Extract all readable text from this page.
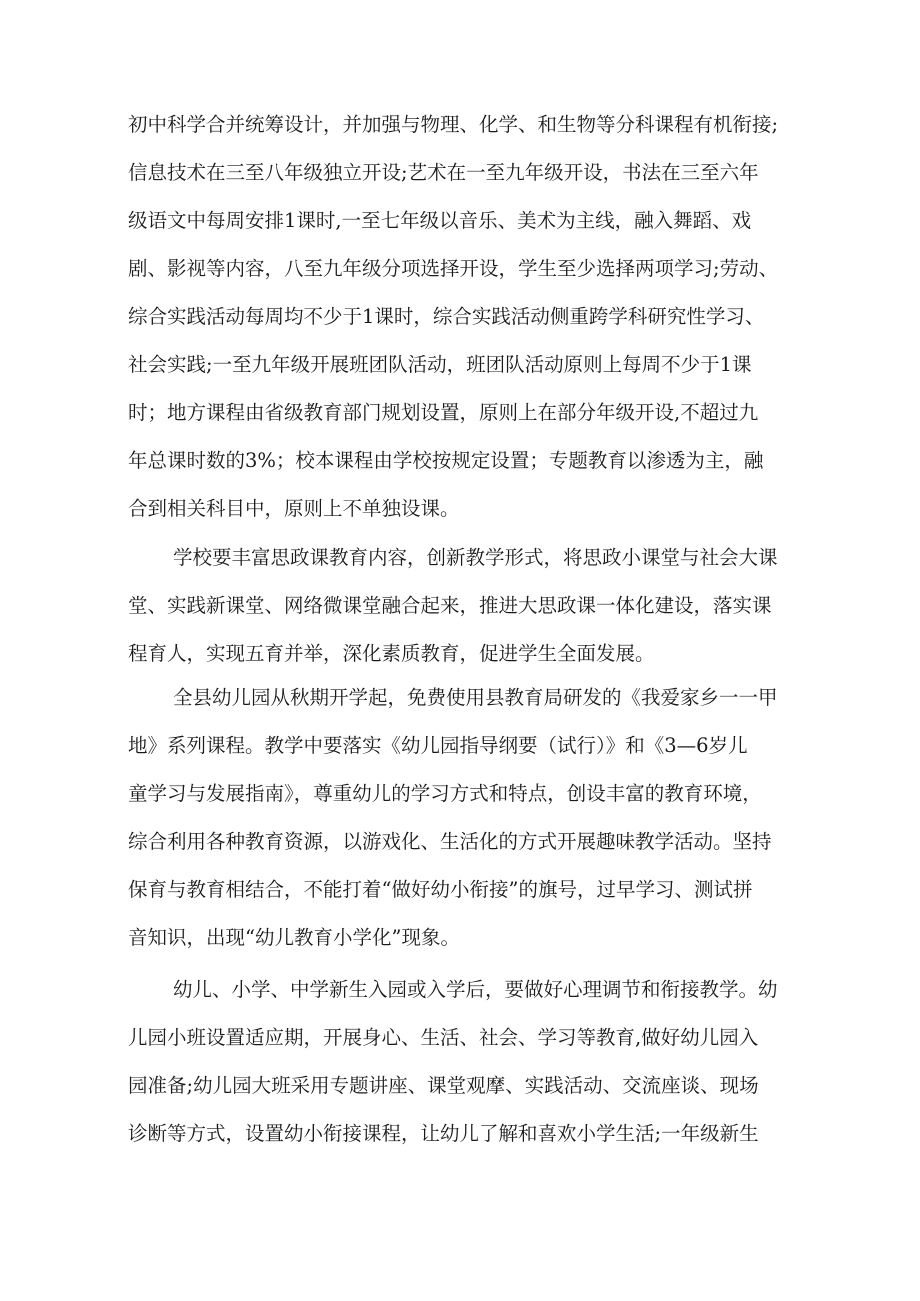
初中科学合并统筹设计，并加强与物理、化学、和生物等分科课程有机衔接;
信息技术在三至八年级独立开设;艺术在一至九年级开设，书法在三至六年
级语文中每周安排1课时,一至七年级以音乐、美术为主线，融入舞蹈、戏
剧、影视等内容，八至九年级分项选择开设，学生至少选择两项学习;劳动、
综合实践活动每周均不少于1课时，综合实践活动侧重跨学科研究性学习、
社会实践;一至九年级开展班团队活动，班团队活动原则上每周不少于1课
时；地方课程由省级教育部门规划设置，原则上在部分年级开设,不超过九
年总课时数的3%；校本课程由学校按规定设置；专题教育以渗透为主，融
合到相关科目中，原则上不单独设课。
学校要丰富思政课教育内容，创新教学形式，将思政小课堂与社会大课
堂、实践新课堂、网络微课堂融合起来，推进大思政课一体化建设，落实课
程育人，实现五育并举，深化素质教育，促进学生全面发展。
全县幼儿园从秋期开学起，免费使用县教育局研发的《我爱家乡一一甲
地》系列课程。教学中要落实《幼儿园指导纲要（试行）》和《3—6岁儿
童学习与发展指南》，尊重幼儿的学习方式和特点，创设丰富的教育环境，
综合利用各种教育资源，以游戏化、生活化的方式开展趣味教学活动。坚持
保育与教育相结合，不能打着“做好幼小衔接”的旗号，过早学习、测试拼
音知识，出现“幼儿教育小学化”现象。
幼儿、小学、中学新生入园或入学后，要做好心理调节和衔接教学。幼
儿园小班设置适应期，开展身心、生活、社会、学习等教育,做好幼儿园入
园准备;幼儿园大班采用专题讲座、课堂观摩、实践活动、交流座谈、现场
诊断等方式，设置幼小衔接课程，让幼儿了解和喜欢小学生活;一年级新生
